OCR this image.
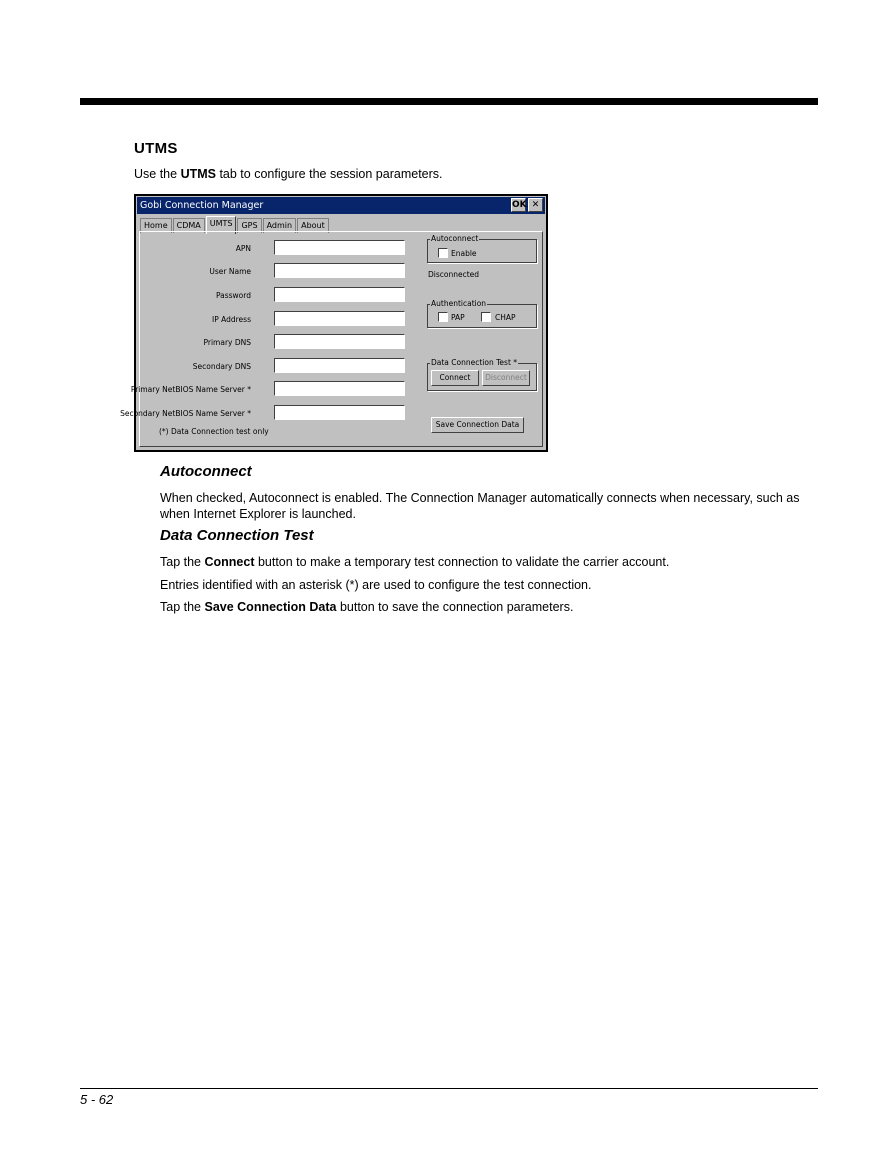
UTMS
Use the UTMS tab to configure the session parameters.
Gobi Connection Manager	OK ✕
Home	CDMA	UMTS	GPS	Admin	About
APN
User Name
Password
IP Address
Primary DNS
Secondary DNS
Primary NetBIOS Name Server *
Secondary NetBIOS Name Server *
(*) Data Connection test only
Autoconnect
Enable
Disconnected
Authentication
PAP	CHAP
Data Connection Test *
Connect	Disconnect
Save Connection Data
Autoconnect
When checked, Autoconnect is enabled. The Connection Manager automatically connects when necessary, such as when Internet Explorer is launched.
Data Connection Test
Tap the Connect button to make a temporary test connection to validate the carrier account.
Entries identified with an asterisk (*) are used to configure the test connection.
Tap the Save Connection Data button to save the connection parameters.
5 - 62
